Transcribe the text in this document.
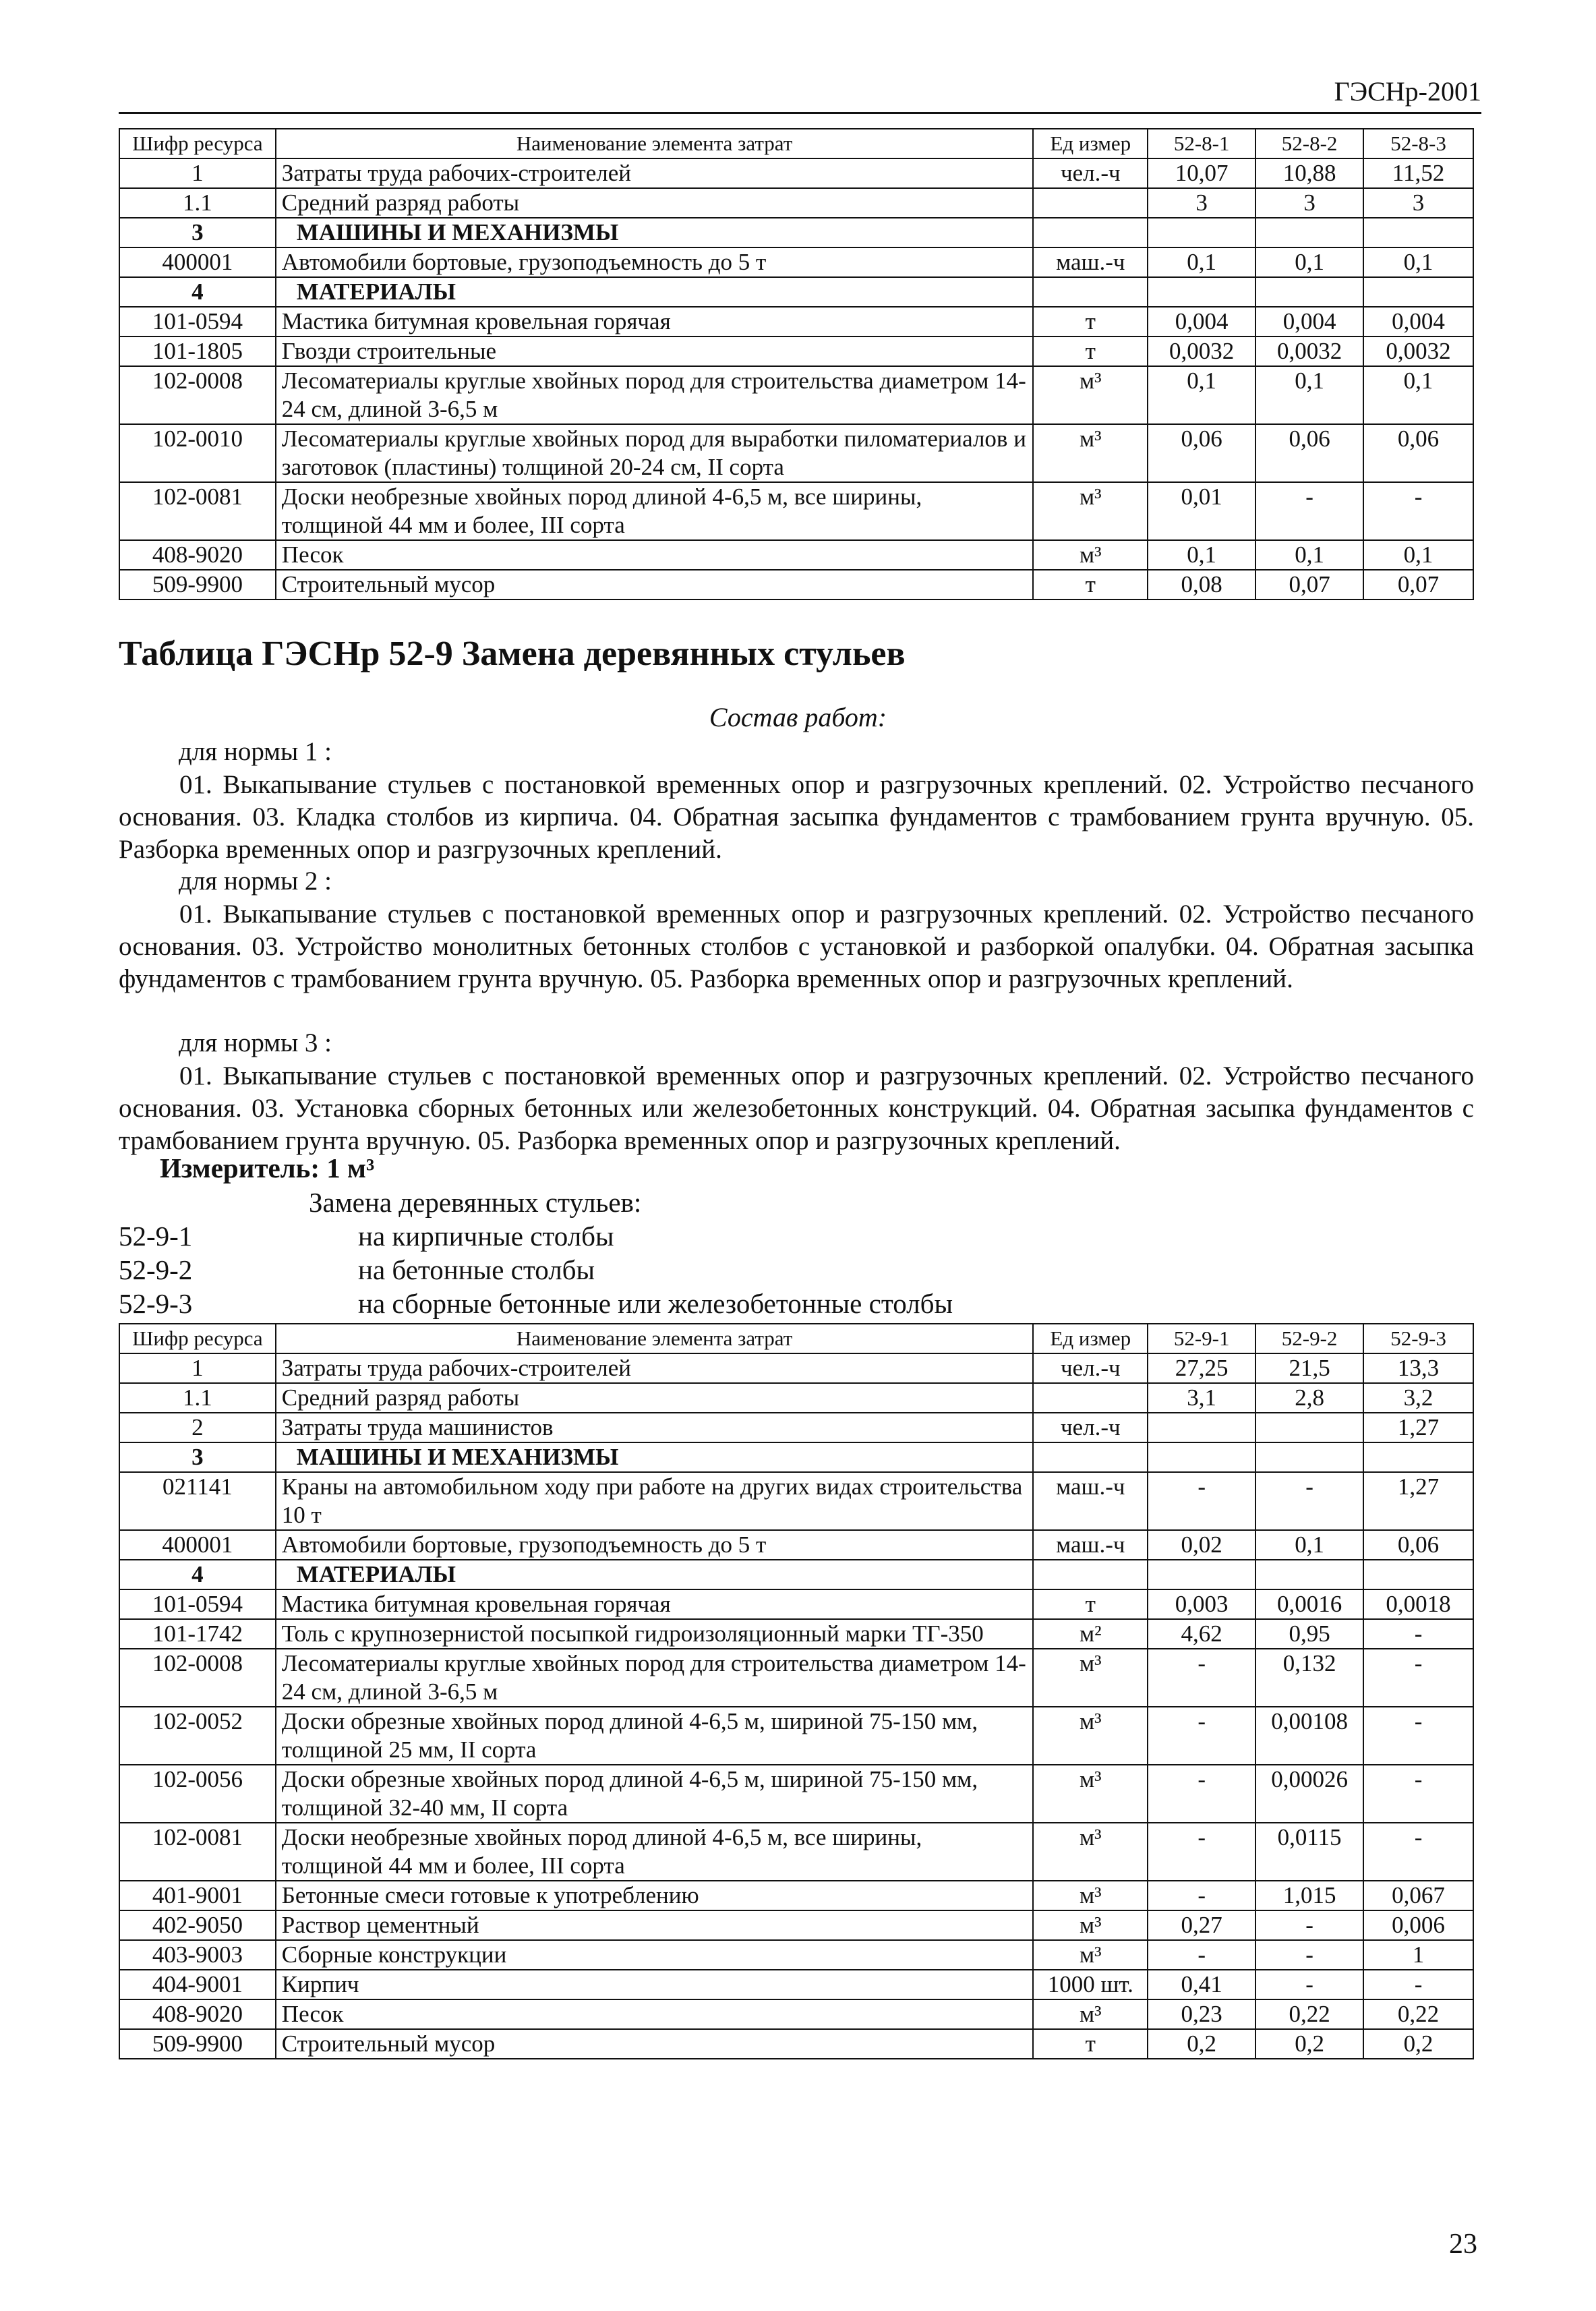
ГЭСНр-2001
Шифр ресурса	Наименование элемента затрат	Ед измер	52-8-1	52-8-2	52-8-3
1	Затраты труда рабочих-строителей	чел.-ч	10,07	10,88	11,52
1.1	Средний разряд работы		3	3	3
3	МАШИНЫ И МЕХАНИЗМЫ				
400001	Автомобили бортовые, грузоподъемность до 5 т	маш.-ч	0,1	0,1	0,1
4	МАТЕРИАЛЫ				
101-0594	Мастика битумная кровельная горячая	т	0,004	0,004	0,004
101-1805	Гвозди строительные	т	0,0032	0,0032	0,0032
102-0008	Лесоматериалы круглые хвойных пород для строительства диаметром 14-24 см, длиной 3-6,5 м	м³	0,1	0,1	0,1
102-0010	Лесоматериалы круглые хвойных пород для выработки пиломатериалов и заготовок (пластины) толщиной 20-24 см, II сорта	м³	0,06	0,06	0,06
102-0081	Доски необрезные хвойных пород длиной 4-6,5 м, все ширины, толщиной 44 мм и более, III сорта	м³	0,01	-	-
408-9020	Песок	м³	0,1	0,1	0,1
509-9900	Строительный мусор	т	0,08	0,07	0,07
Таблица ГЭСНр 52-9 Замена деревянных стульев
Состав работ:
для нормы 1 :
01. Выкапывание стульев с постановкой временных опор и разгрузочных креплений. 02. Устройство песчаного основания. 03. Кладка столбов из кирпича. 04. Обратная засыпка фундаментов с трамбованием грунта вручную. 05. Разборка временных опор и разгрузочных креплений.
для нормы 2 :
01. Выкапывание стульев с постановкой временных опор и разгрузочных креплений. 02. Устройство песчаного основания. 03. Устройство монолитных бетонных столбов с установкой и разборкой опалубки. 04. Обратная засыпка фундаментов с трамбованием грунта вручную. 05. Разборка временных опор и разгрузочных креплений.
для нормы 3 :
01. Выкапывание стульев с постановкой временных опор и разгрузочных креплений. 02. Устройство песчаного основания. 03. Установка сборных бетонных или железобетонных конструкций. 04. Обратная засыпка фундаментов с трамбованием грунта вручную. 05. Разборка временных опор и разгрузочных креплений.
Измеритель: 1 м³
Замена деревянных стульев:
52-9-1	на кирпичные столбы
52-9-2	на бетонные столбы
52-9-3	на сборные бетонные или железобетонные столбы
Шифр ресурса	Наименование элемента затрат	Ед измер	52-9-1	52-9-2	52-9-3
1	Затраты труда рабочих-строителей	чел.-ч	27,25	21,5	13,3
1.1	Средний разряд работы		3,1	2,8	3,2
2	Затраты труда машинистов	чел.-ч			1,27
3	МАШИНЫ И МЕХАНИЗМЫ				
021141	Краны на автомобильном ходу при работе на других видах строительства 10 т	маш.-ч	-	-	1,27
400001	Автомобили бортовые, грузоподъемность до 5 т	маш.-ч	0,02	0,1	0,06
4	МАТЕРИАЛЫ				
101-0594	Мастика битумная кровельная горячая	т	0,003	0,0016	0,0018
101-1742	Толь с крупнозернистой посыпкой гидроизоляционный марки ТГ-350	м²	4,62	0,95	-
102-0008	Лесоматериалы круглые хвойных пород для строительства диаметром 14-24 см, длиной 3-6,5 м	м³	-	0,132	-
102-0052	Доски обрезные хвойных пород длиной 4-6,5 м, шириной 75-150 мм, толщиной 25 мм, II сорта	м³	-	0,00108	-
102-0056	Доски обрезные хвойных пород длиной 4-6,5 м, шириной 75-150 мм, толщиной 32-40 мм, II сорта	м³	-	0,00026	-
102-0081	Доски необрезные хвойных пород длиной 4-6,5 м, все ширины, толщиной 44 мм и более, III сорта	м³	-	0,0115	-
401-9001	Бетонные смеси готовые к употреблению	м³	-	1,015	0,067
402-9050	Раствор цементный	м³	0,27	-	0,006
403-9003	Сборные конструкции	м³	-	-	1
404-9001	Кирпич	1000 шт.	0,41	-	-
408-9020	Песок	м³	0,23	0,22	0,22
509-9900	Строительный мусор	т	0,2	0,2	0,2
23
